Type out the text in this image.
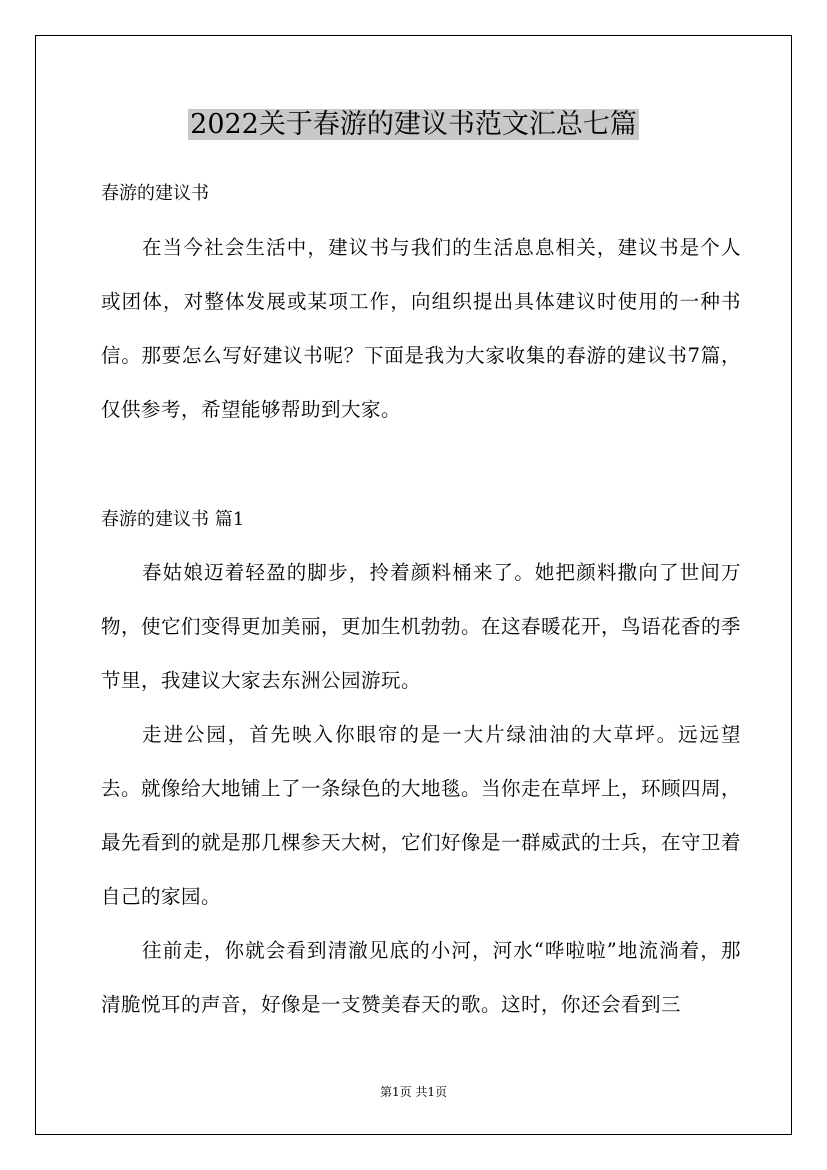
2022关于春游的建议书范文汇总七篇

春游的建议书

在当今社会生活中，建议书与我们的生活息息相关，建议书是个人或团体，对整体发展或某项工作，向组织提出具体建议时使用的一种书信。那要怎么写好建议书呢？下面是我为大家收集的春游的建议书7篇，仅供参考，希望能够帮助到大家。

春游的建议书 篇1

春姑娘迈着轻盈的脚步，拎着颜料桶来了。她把颜料撒向了世间万物，使它们变得更加美丽，更加生机勃勃。在这春暖花开，鸟语花香的季节里，我建议大家去东洲公园游玩。

走进公园，首先映入你眼帘的是一大片绿油油的大草坪。远远望去。就像给大地铺上了一条绿色的大地毯。当你走在草坪上，环顾四周，最先看到的就是那几棵参天大树，它们好像是一群威武的士兵，在守卫着自己的家园。

往前走，你就会看到清澈见底的小河，河水“哗啦啦”地流淌着，那清脆悦耳的声音，好像是一支赞美春天的歌。这时，你还会看到三

第1页 共1页
